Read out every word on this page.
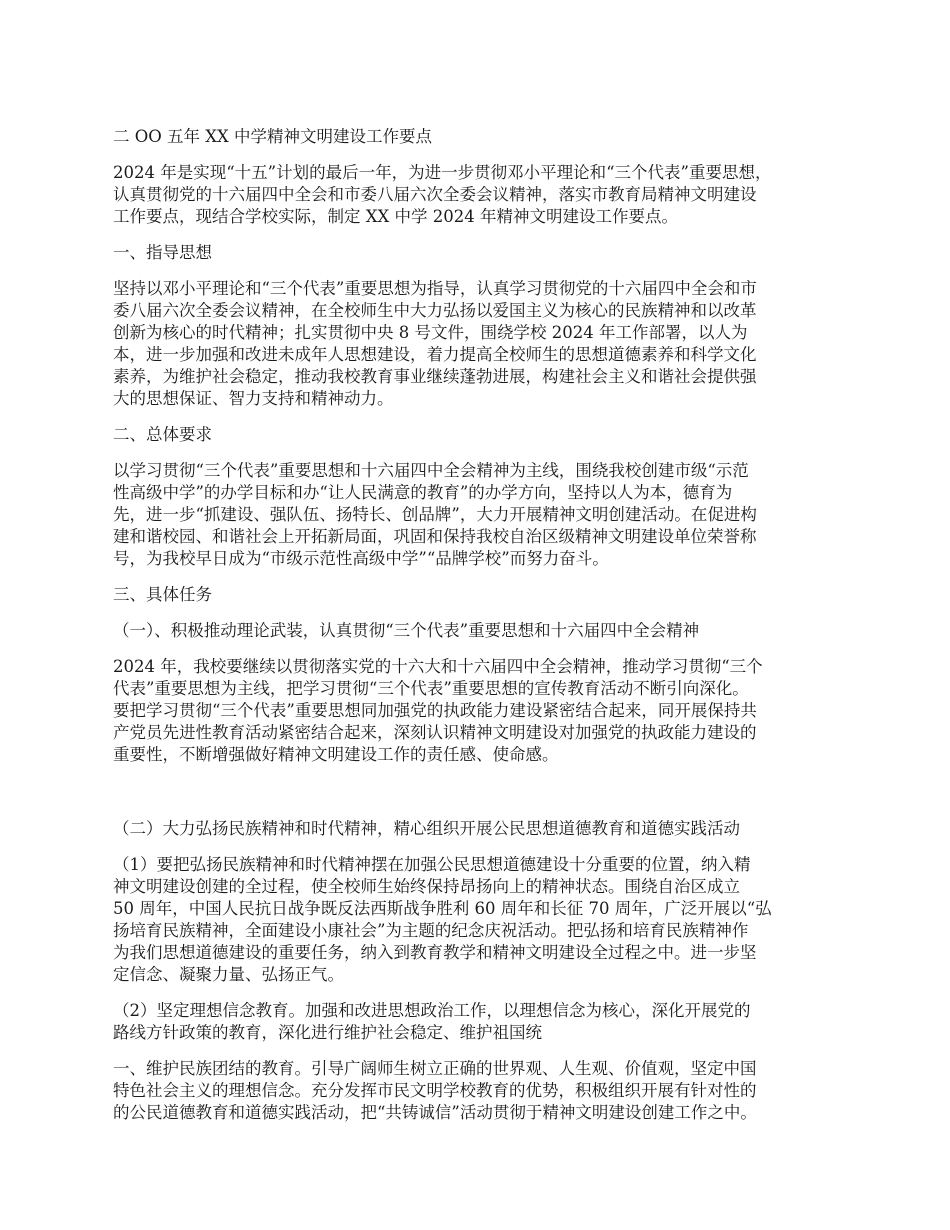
二 OO 五年 XX 中学精神文明建设工作要点

2024 年是实现“十五”计划的最后一年，为进一步贯彻邓小平理论和“三个代表”重要思想，

认真贯彻党的十六届四中全会和市委八届六次全委会议精神，落实市教育局精神文明建设

工作要点，现结合学校实际，制定 XX 中学 2024 年精神文明建设工作要点。

一、指导思想

坚持以邓小平理论和“三个代表”重要思想为指导，认真学习贯彻党的十六届四中全会和市

委八届六次全委会议精神，在全校师生中大力弘扬以爱国主义为核心的民族精神和以改革

创新为核心的时代精神；扎实贯彻中央 8 号文件，围绕学校 2024 年工作部署，以人为

本，进一步加强和改进未成年人思想建设，着力提高全校师生的思想道德素养和科学文化

素养，为维护社会稳定，推动我校教育事业继续蓬勃进展，构建社会主义和谐社会提供强

大的思想保证、智力支持和精神动力。

二、总体要求

以学习贯彻“三个代表”重要思想和十六届四中全会精神为主线，围绕我校创建市级“示范

性高级中学”的办学目标和办“让人民满意的教育”的办学方向，坚持以人为本，德育为

先，进一步“抓建设、强队伍、扬特长、创品牌”，大力开展精神文明创建活动。在促进构

建和谐校园、和谐社会上开拓新局面，巩固和保持我校自治区级精神文明建设单位荣誉称

号，为我校早日成为“市级示范性高级中学”“品牌学校”而努力奋斗。

三、具体任务

（一）、积极推动理论武装，认真贯彻“三个代表”重要思想和十六届四中全会精神

2024 年，我校要继续以贯彻落实党的十六大和十六届四中全会精神，推动学习贯彻“三个

代表”重要思想为主线，把学习贯彻“三个代表”重要思想的宣传教育活动不断引向深化。

要把学习贯彻“三个代表”重要思想同加强党的执政能力建设紧密结合起来，同开展保持共

产党员先进性教育活动紧密结合起来，深刻认识精神文明建设对加强党的执政能力建设的

重要性，不断增强做好精神文明建设工作的责任感、使命感。

（二）大力弘扬民族精神和时代精神，精心组织开展公民思想道德教育和道德实践活动

（1）要把弘扬民族精神和时代精神摆在加强公民思想道德建设十分重要的位置，纳入精

神文明建设创建的全过程，使全校师生始终保持昂扬向上的精神状态。围绕自治区成立

50 周年，中国人民抗日战争既反法西斯战争胜利 60 周年和长征 70 周年，广泛开展以“弘

扬培育民族精神，全面建设小康社会”为主题的纪念庆祝活动。把弘扬和培育民族精神作

为我们思想道德建设的重要任务，纳入到教育教学和精神文明建设全过程之中。进一步坚

定信念、凝聚力量、弘扬正气。

（2）坚定理想信念教育。加强和改进思想政治工作，以理想信念为核心，深化开展党的

路线方针政策的教育，深化进行维护社会稳定、维护祖国统

一、维护民族团结的教育。引导广阔师生树立正确的世界观、人生观、价值观，坚定中国

特色社会主义的理想信念。充分发挥市民文明学校教育的优势，积极组织开展有针对性的

的公民道德教育和道德实践活动，把“共铸诚信”活动贯彻于精神文明建设创建工作之中。
